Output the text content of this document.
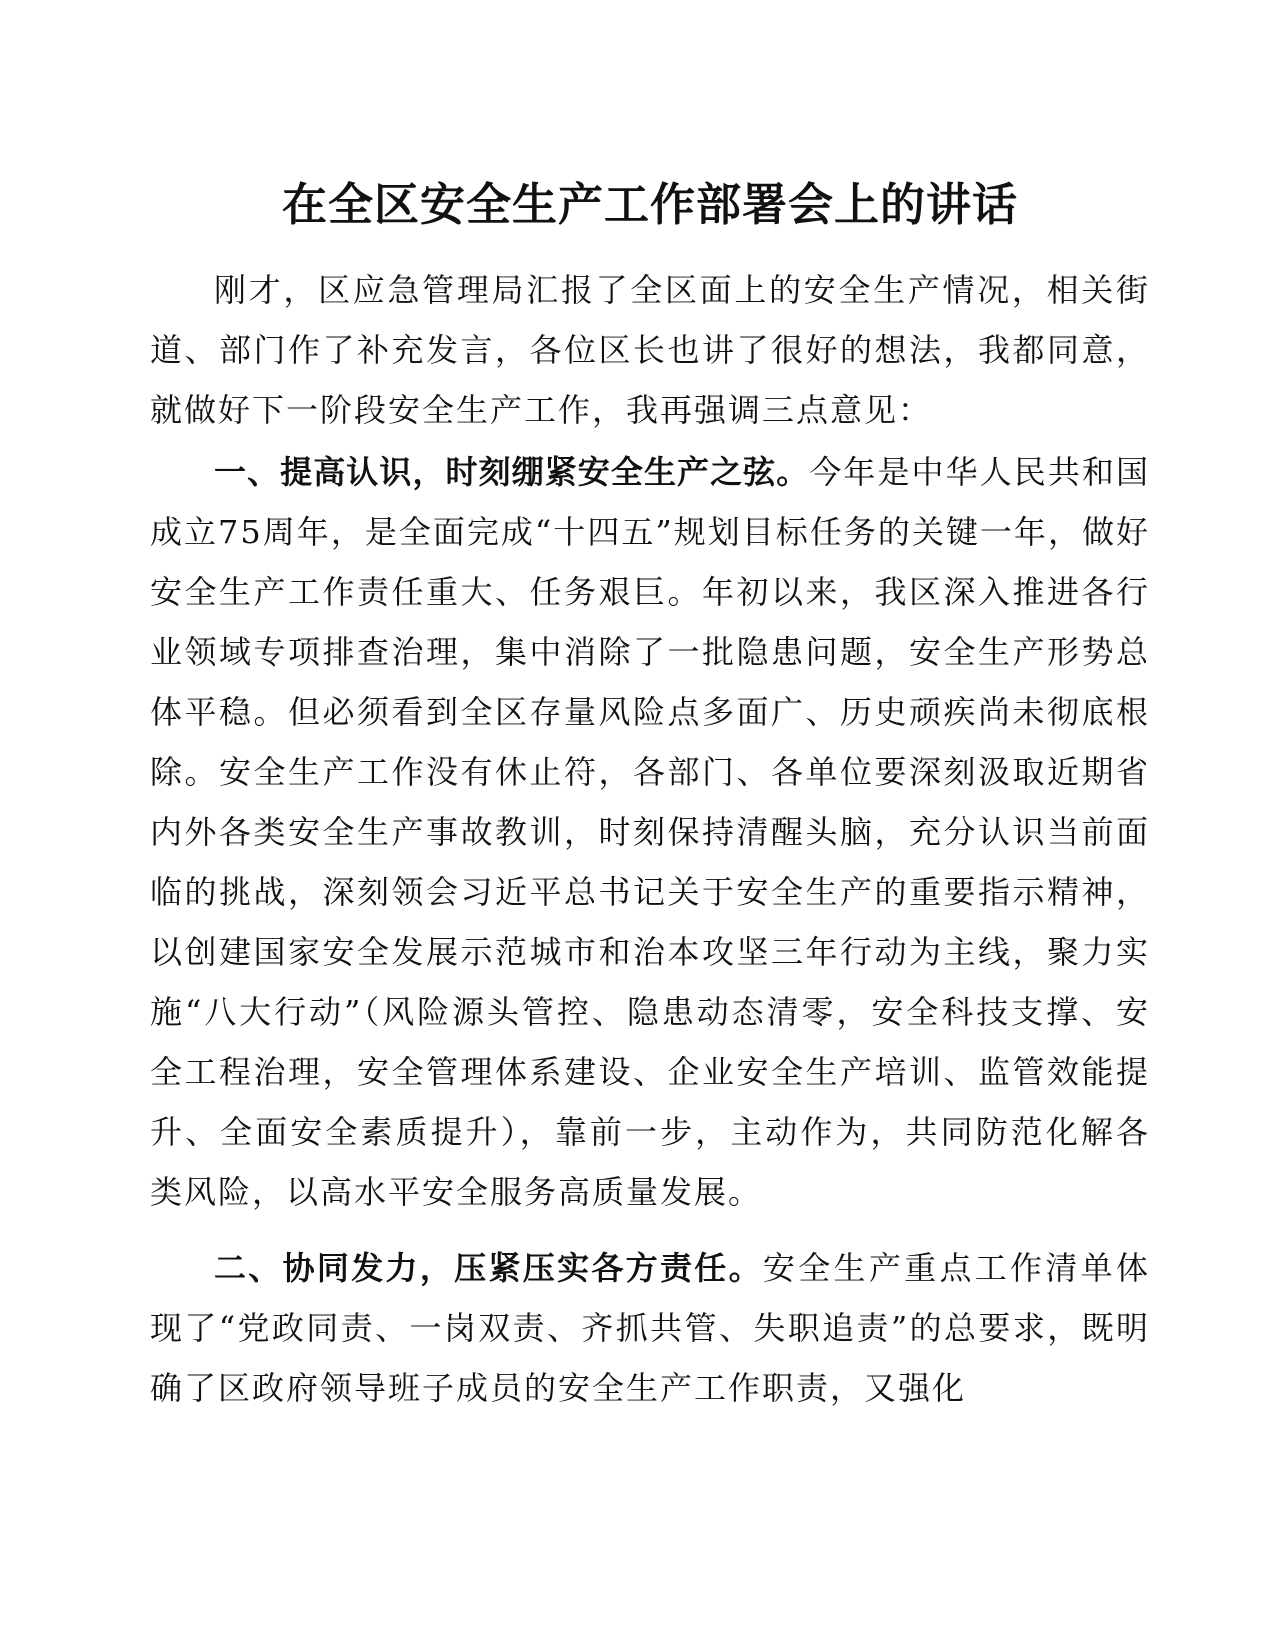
在全区安全生产工作部署会上的讲话

刚才，区应急管理局汇报了全区面上的安全生产情况，相关街道、部门作了补充发言，各位区长也讲了很好的想法，我都同意，就做好下一阶段安全生产工作，我再强调三点意见：

一、提高认识，时刻绷紧安全生产之弦。今年是中华人民共和国成立75周年，是全面完成“十四五”规划目标任务的关键一年，做好安全生产工作责任重大、任务艰巨。年初以来，我区深入推进各行业领域专项排查治理，集中消除了一批隐患问题，安全生产形势总体平稳。但必须看到全区存量风险点多面广、历史顽疾尚未彻底根除。安全生产工作没有休止符，各部门、各单位要深刻汲取近期省内外各类安全生产事故教训，时刻保持清醒头脑，充分认识当前面临的挑战，深刻领会习近平总书记关于安全生产的重要指示精神，以创建国家安全发展示范城市和治本攻坚三年行动为主线，聚力实施“八大行动”（风险源头管控、隐患动态清零，安全科技支撑、安全工程治理，安全管理体系建设、企业安全生产培训、监管效能提升、全面安全素质提升），靠前一步，主动作为，共同防范化解各类风险，以高水平安全服务高质量发展。

二、协同发力，压紧压实各方责任。安全生产重点工作清单体现了“党政同责、一岗双责、齐抓共管、失职追责”的总要求，既明确了区政府领导班子成员的安全生产工作职责，又强化
